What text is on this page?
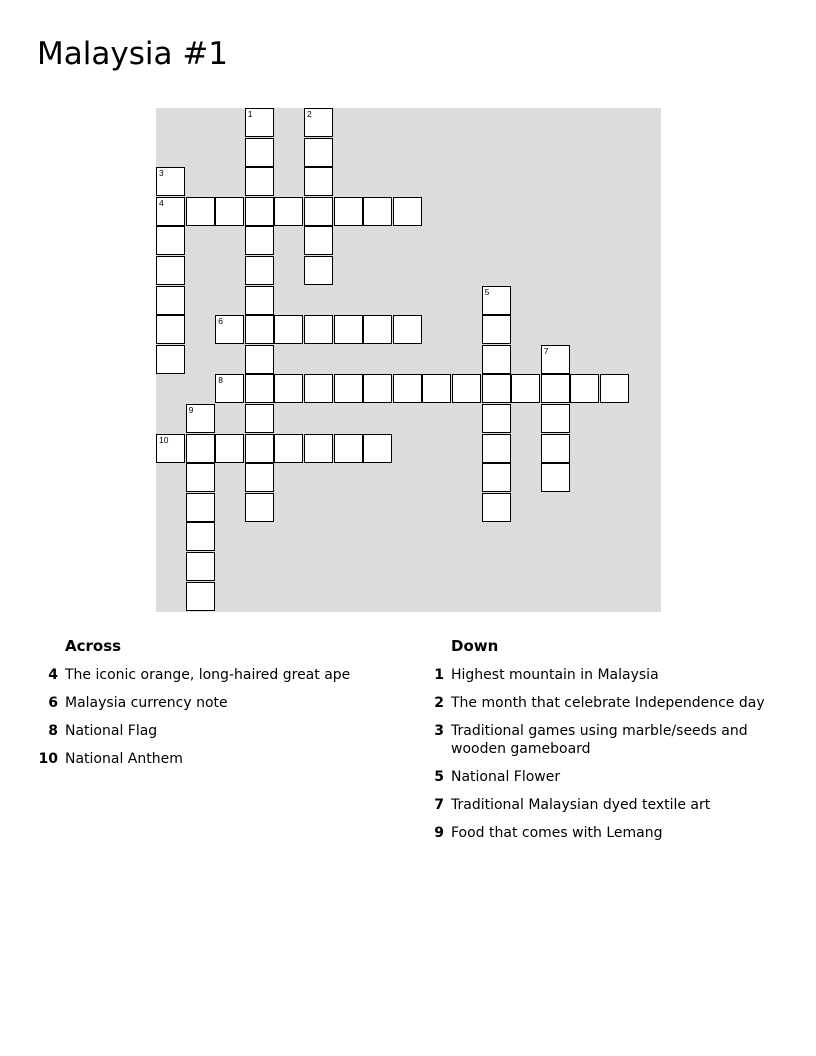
Malaysia #1
1	2
3
4
5
6
7
8
9
10
Across
4 The iconic orange, long-haired great ape
6 Malaysia currency note
8 National Flag
10 National Anthem
Down
1 Highest mountain in Malaysia
2 The month that celebrate Independence day
3 Traditional games using marble/seeds and wooden gameboard
5 National Flower
7 Traditional Malaysian dyed textile art
9 Food that comes with Lemang
